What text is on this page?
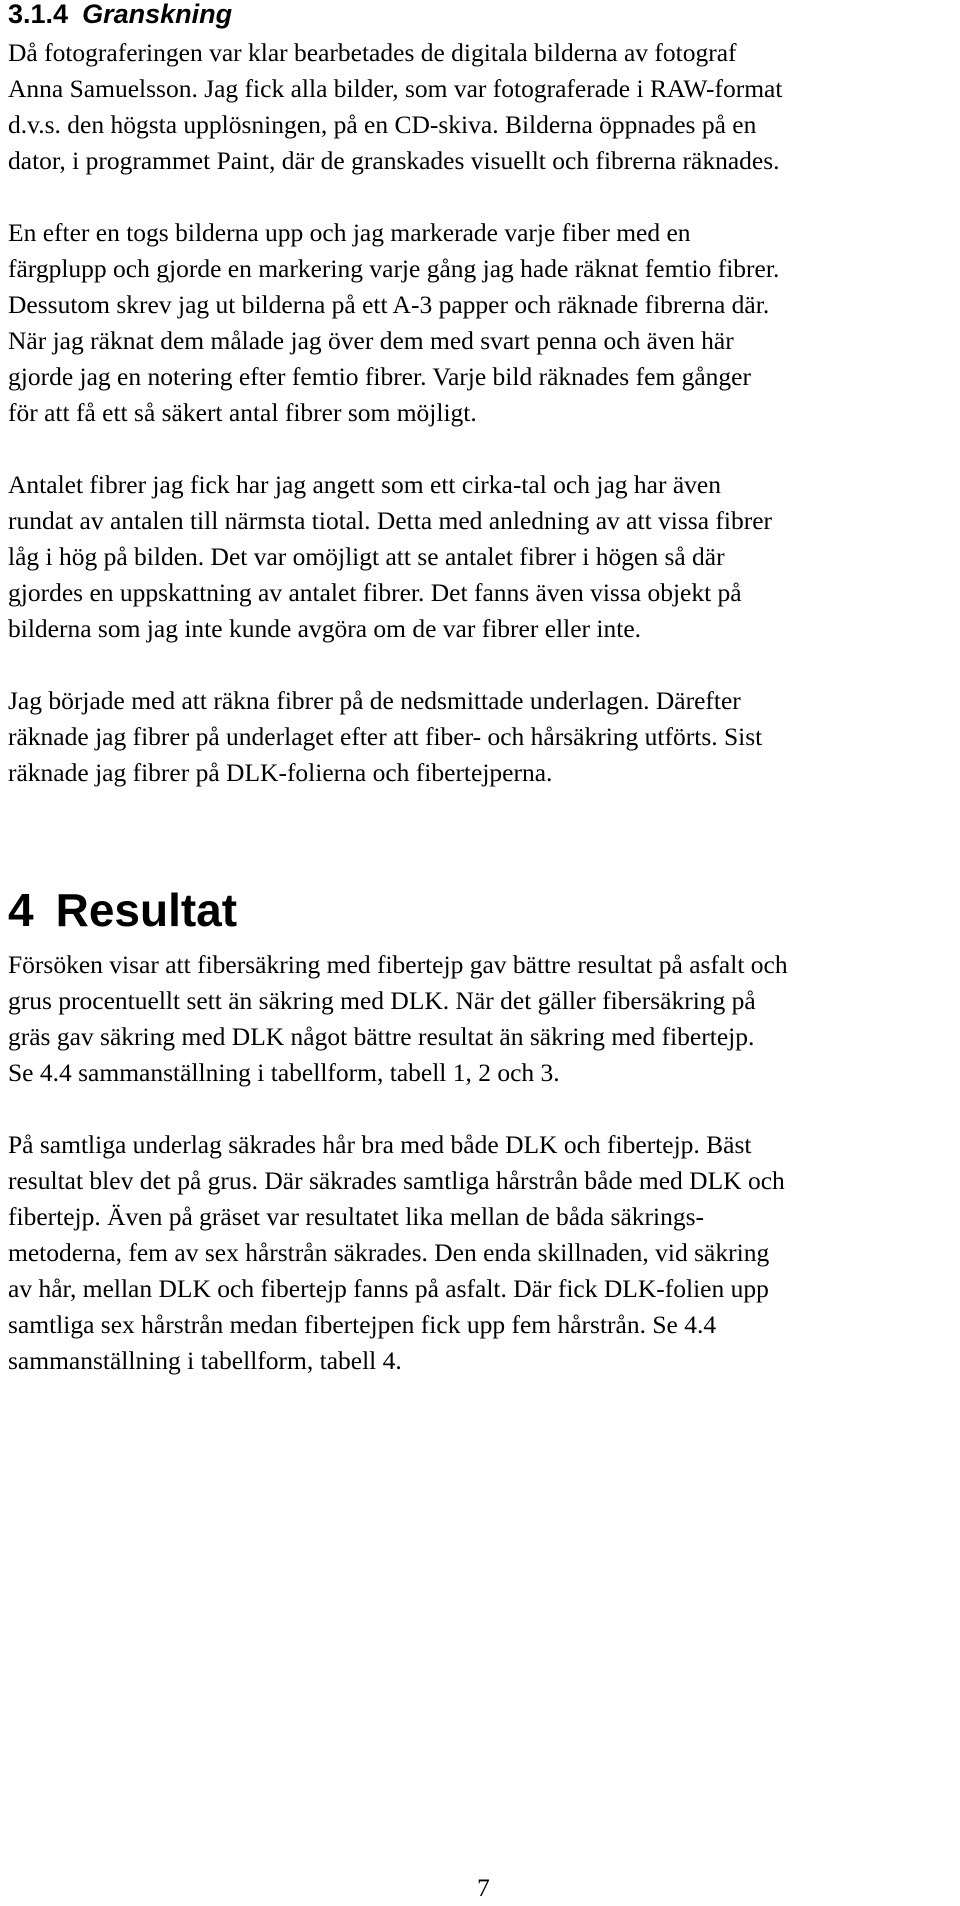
3.1.4 Granskning

Då fotograferingen var klar bearbetades de digitala bilderna av fotograf
Anna Samuelsson. Jag fick alla bilder, som var fotograferade i RAW-format
d.v.s. den högsta upplösningen, på en CD-skiva. Bilderna öppnades på en
dator, i programmet Paint, där de granskades visuellt och fibrerna räknades.

En efter en togs bilderna upp och jag markerade varje fiber med en
färgplupp och gjorde en markering varje gång jag hade räknat femtio fibrer.
Dessutom skrev jag ut bilderna på ett A-3 papper och räknade fibrerna där.
När jag räknat dem målade jag över dem med svart penna och även här
gjorde jag en notering efter femtio fibrer. Varje bild räknades fem gånger
för att få ett så säkert antal fibrer som möjligt.

Antalet fibrer jag fick har jag angett som ett cirka-tal och jag har även
rundat av antalen till närmsta tiotal. Detta med anledning av att vissa fibrer
låg i hög på bilden. Det var omöjligt att se antalet fibrer i högen så där
gjordes en uppskattning av antalet fibrer. Det fanns även vissa objekt på
bilderna som jag inte kunde avgöra om de var fibrer eller inte.

Jag började med att räkna fibrer på de nedsmittade underlagen. Därefter
räknade jag fibrer på underlaget efter att fiber- och hårsäkring utförts. Sist
räknade jag fibrer på DLK-folierna och fibertejperna.

4 Resultat

Försöken visar att fibersäkring med fibertejp gav bättre resultat på asfalt och
grus procentuellt sett än säkring med DLK. När det gäller fibersäkring på
gräs gav säkring med DLK något bättre resultat än säkring med fibertejp.
Se 4.4 sammanställning i tabellform, tabell 1, 2 och 3.

På samtliga underlag säkrades hår bra med både DLK och fibertejp. Bäst
resultat blev det på grus. Där säkrades samtliga hårstrån både med DLK och
fibertejp. Även på gräset var resultatet lika mellan de båda säkrings-
metoderna, fem av sex hårstrån säkrades. Den enda skillnaden, vid säkring
av hår, mellan DLK och fibertejp fanns på asfalt. Där fick DLK-folien upp
samtliga sex hårstrån medan fibertejpen fick upp fem hårstrån. Se 4.4
sammanställning i tabellform, tabell 4.

7
